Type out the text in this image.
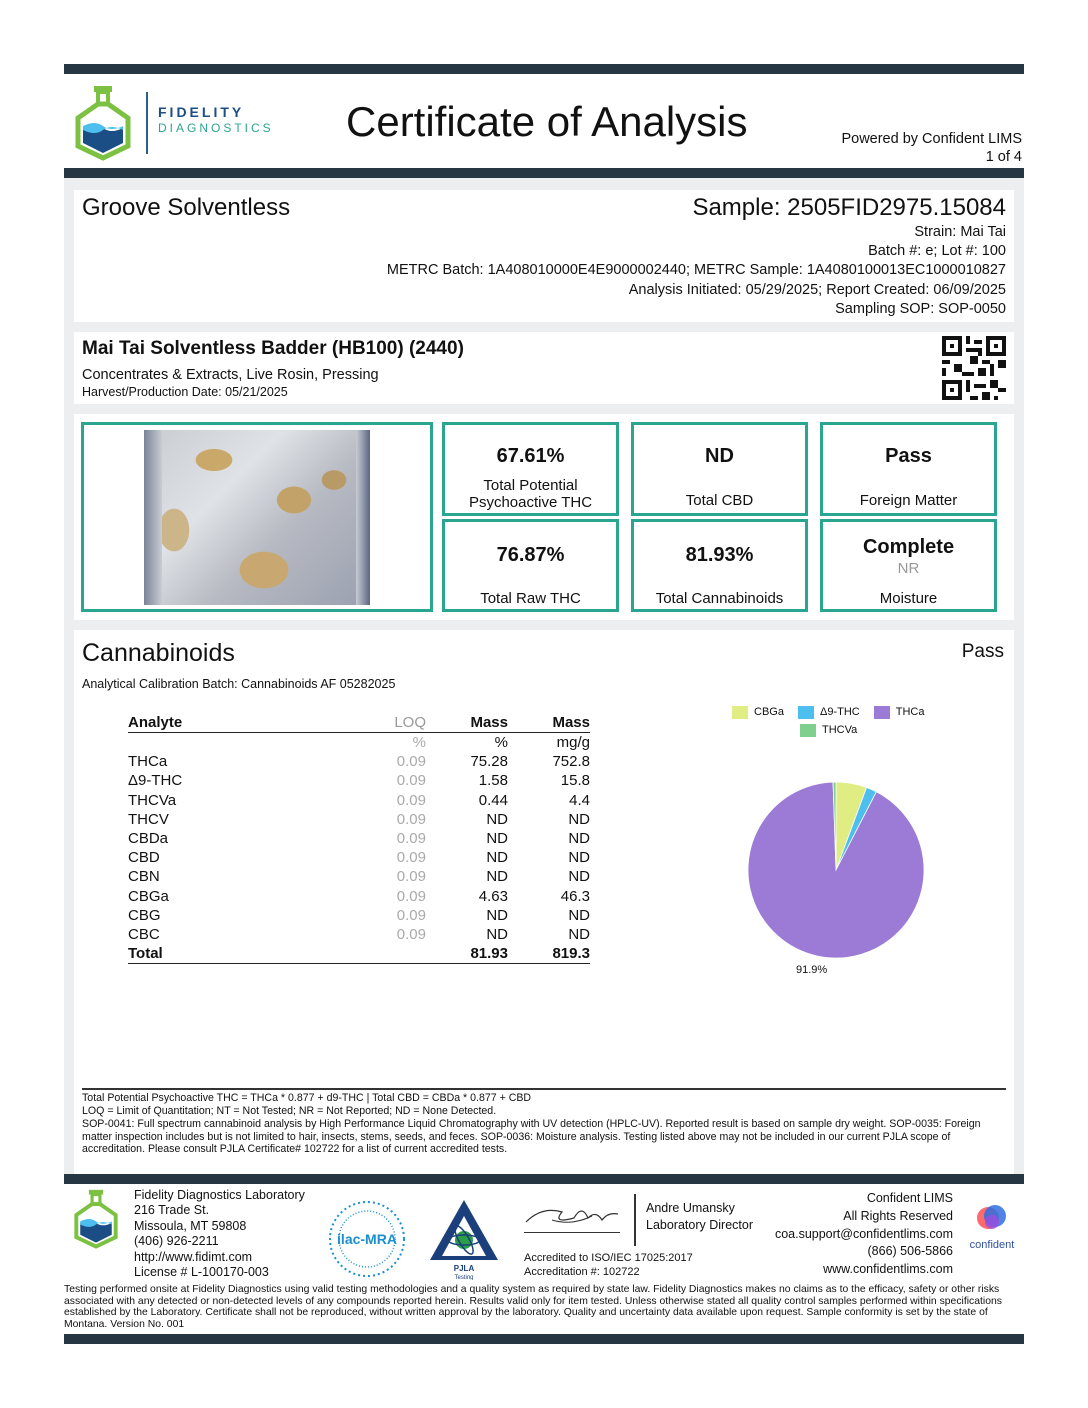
FIDELITY
DIAGNOSTICS Certificate of Analysis	Powered by Confident LIMS
1 of 4
Groove Solventless	Sample: 2505FID2975.15084
Strain: Mai Tai
Batch #: e; Lot #: 100
METRC Batch: 1A408010000E4E9000002440; METRC Sample: 1A4080100013EC1000010827
Analysis Initiated: 05/29/2025; Report Created: 06/09/2025
Sampling SOP: SOP-0050
Mai Tai Solventless Badder (HB100) (2440)
Concentrates & Extracts, Live Rosin, Pressing
Harvest/Production Date: 05/21/2025
67.61%
Total Potential
Psychoactive THC
ND
Total CBD
Pass
Foreign Matter
76.87%
Total Raw THC
81.93%
Total Cannabinoids
Complete
NR
Moisture
Cannabinoids	Pass
Analytical Calibration Batch: Cannabinoids AF 05282025
Analyte	LOQ	Mass	Mass
	%	%	mg/g
THCa	0.09	75.28	752.8
Δ9-THC	0.09	1.58	15.8
THCVa	0.09	0.44	4.4
THCV	0.09	ND	ND
CBDa	0.09	ND	ND
CBD	0.09	ND	ND
CBN	0.09	ND	ND
CBGa	0.09	4.63	46.3
CBG	0.09	ND	ND
CBC	0.09	ND	ND
Total		81.93	819.3
CBGa	Δ9-THC	THCa
THCVa
91.9%
Total Potential Psychoactive THC = THCa * 0.877 + d9-THC | Total CBD = CBDa * 0.877 + CBD
LOQ = Limit of Quantitation; NT = Not Tested; NR = Not Reported; ND = None Detected.
SOP-0041: Full spectrum cannabinoid analysis by High Performance Liquid Chromatography with UV detection (HPLC-UV). Reported result is based on sample dry weight. SOP-0035: Foreign matter inspection includes but is not limited to hair, insects, stems, seeds, and feces. SOP-0036: Moisture analysis. Testing listed above may not be included in our current PJLA scope of accreditation. Please consult PJLA Certificate# 102722 for a list of current accredited tests.
Fidelity Diagnostics Laboratory
216 Trade St.
Missoula, MT 59808
(406) 926-2211
http://www.fidimt.com
License # L-100170-003
ilac-MRA
PJLA
Testing
Andre Umansky
Laboratory Director
Accredited to ISO/IEC 17025:2017
Accreditation #: 102722
Confident LIMS
All Rights Reserved
coa.support@confidentlims.com
(866) 506-5866
www.confidentlims.com
confident
Testing performed onsite at Fidelity Diagnostics using valid testing methodologies and a quality system as required by state law. Fidelity Diagnostics makes no claims as to the efficacy, safety or other risks associated with any detected or non-detected levels of any compounds reported herein. Results valid only for item tested. Unless otherwise stated all quality control samples performed within specifications established by the Laboratory. Certificate shall not be reproduced, without written approval by the laboratory. Quality and uncertainty data available upon request. Sample conformity is set by the state of Montana. Version No. 001
